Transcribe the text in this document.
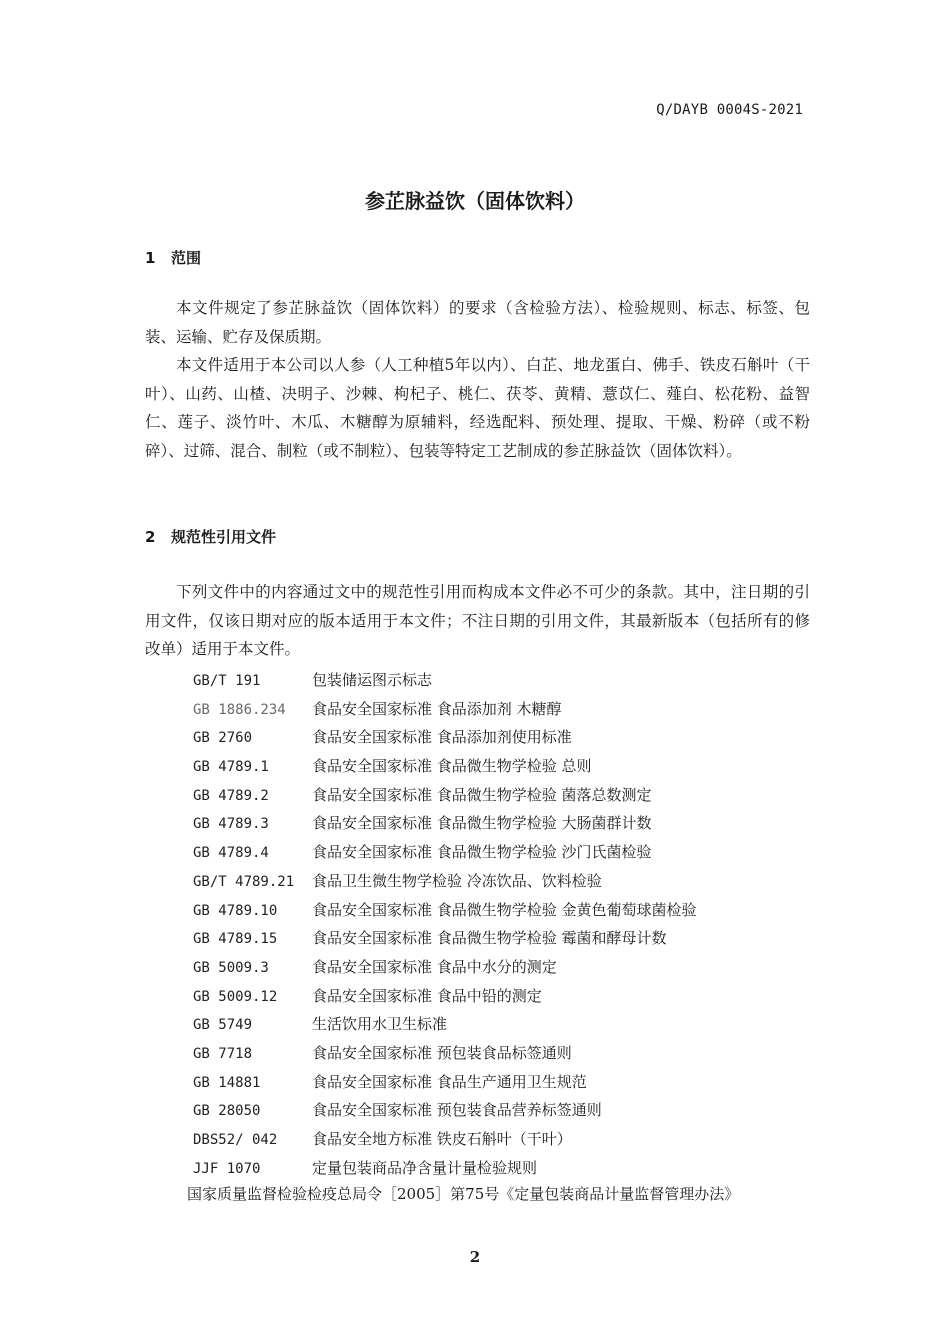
Q/DAYB 0004S-2021
参芷脉益饮（固体饮料）
1 范围

本文件规定了参芷脉益饮（固体饮料）的要求（含检验方法）、检验规则、标志、标签、包装、运输、贮存及保质期。

本文件适用于本公司以人参（人工种植5年以内）、白芷、地龙蛋白、佛手、铁皮石斛叶（干叶）、山药、山楂、决明子、沙棘、枸杞子、桃仁、茯苓、黄精、薏苡仁、薤白、松花粉、益智仁、莲子、淡竹叶、木瓜、木糖醇为原辅料，经选配料、预处理、提取、干燥、粉碎（或不粉碎）、过筛、混合、制粒（或不制粒）、包装等特定工艺制成的参芷脉益饮（固体饮料）。

2 规范性引用文件

下列文件中的内容通过文中的规范性引用而构成本文件必不可少的条款。其中，注日期的引用文件，仅该日期对应的版本适用于本文件；不注日期的引用文件，其最新版本（包括所有的修改单）适用于本文件。

GB/T 191	包装储运图示标志
GB 1886.234 食品安全国家标准 食品添加剂 木糖醇
GB 2760	食品安全国家标准 食品添加剂使用标准
GB 4789.1	食品安全国家标准 食品微生物学检验 总则
GB 4789.2	食品安全国家标准 食品微生物学检验 菌落总数测定
GB 4789.3	食品安全国家标准 食品微生物学检验 大肠菌群计数
GB 4789.4	食品安全国家标准 食品微生物学检验 沙门氏菌检验
GB/T 4789.21 食品卫生微生物学检验 冷冻饮品、饮料检验
GB 4789.10 食品安全国家标准 食品微生物学检验 金黄色葡萄球菌检验
GB 4789.15 食品安全国家标准 食品微生物学检验 霉菌和酵母计数
GB 5009.3	食品安全国家标准 食品中水分的测定
GB 5009.12 食品安全国家标准 食品中铅的测定
GB 5749	生活饮用水卫生标准
GB 7718	食品安全国家标准 预包装食品标签通则
GB 14881	食品安全国家标准 食品生产通用卫生规范
GB 28050	食品安全国家标准 预包装食品营养标签通则
DBS52/ 042 食品安全地方标准 铁皮石斛叶（干叶）
JJF 1070	定量包装商品净含量计量检验规则
国家质量监督检验检疫总局令［2005］第75号《定量包装商品计量监督管理办法》
2
